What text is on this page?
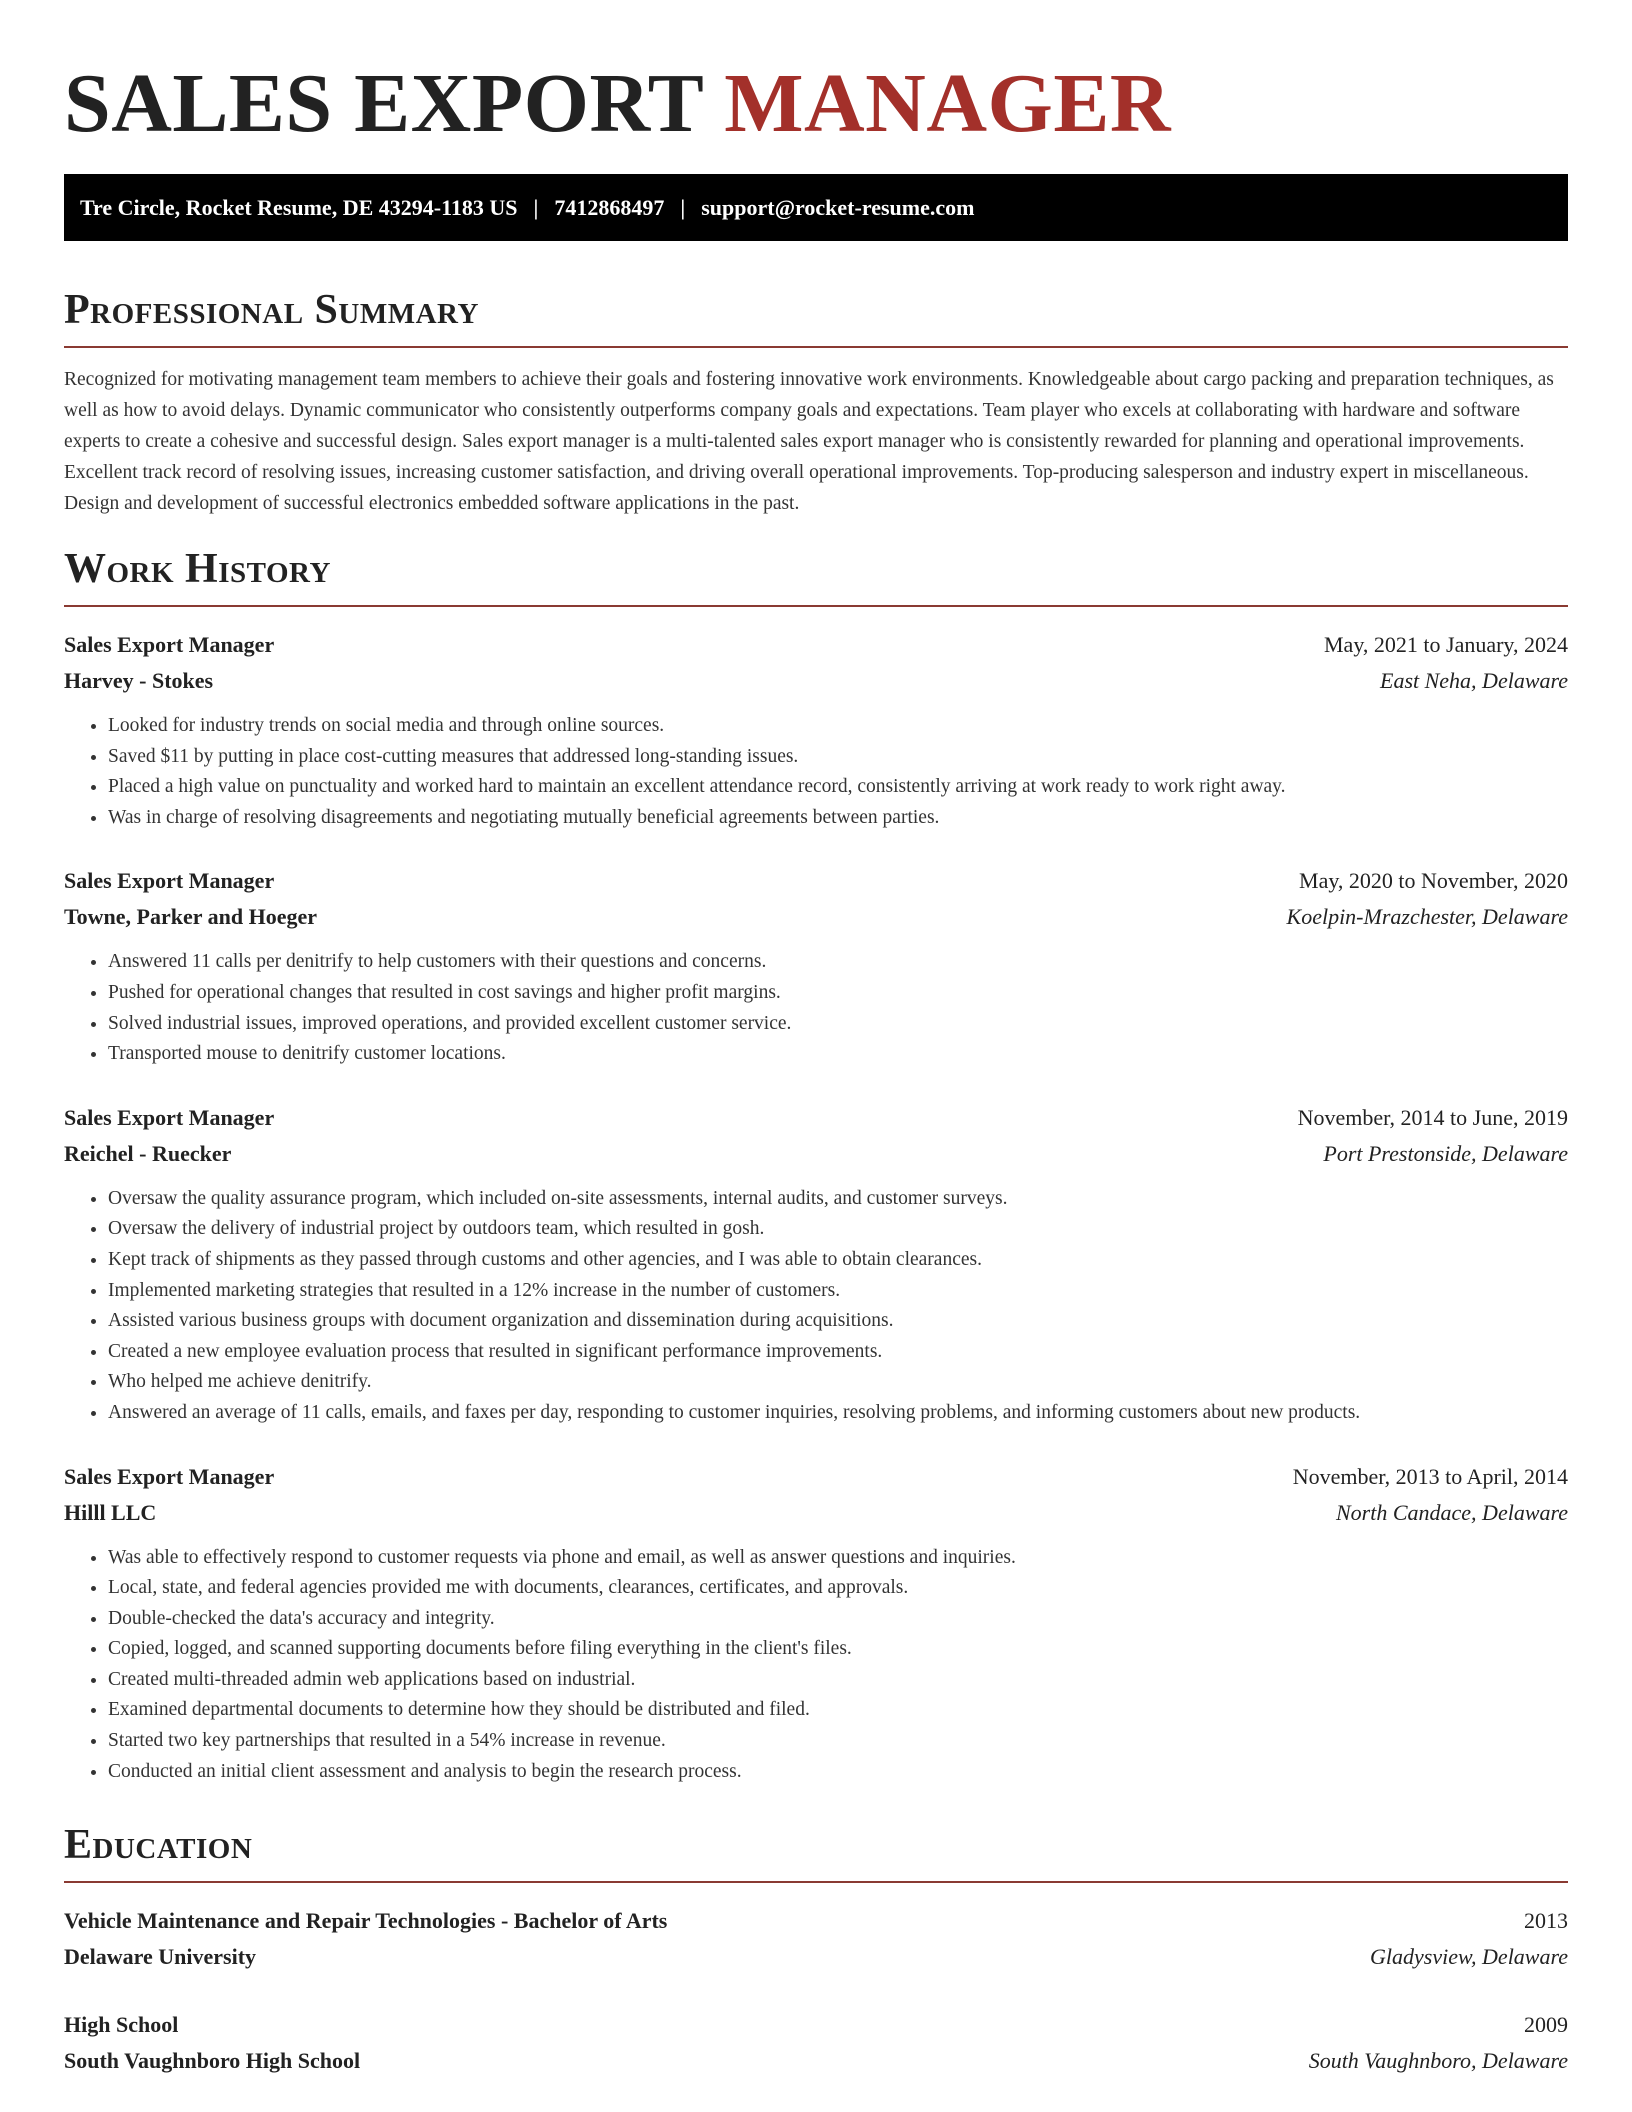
SALES EXPORT MANAGER
Tre Circle, Rocket Resume, DE 43294-1183 US | 7412868497 | support@rocket-resume.com
Professional Summary

Recognized for motivating management team members to achieve their goals and fostering innovative work environments. Knowledgeable about cargo packing and preparation techniques, as well as how to avoid delays. Dynamic communicator who consistently outperforms company goals and expectations. Team player who excels at collaborating with hardware and software experts to create a cohesive and successful design. Sales export manager is a multi-talented sales export manager who is consistently rewarded for planning and operational improvements. Excellent track record of resolving issues, increasing customer satisfaction, and driving overall operational improvements. Top-producing salesperson and industry expert in miscellaneous. Design and development of successful electronics embedded software applications in the past.

Work History
Sales Export Manager	May, 2021 to January, 2024
Harvey - Stokes	East Neha, Delaware
• Looked for industry trends on social media and through online sources.
• Saved $11 by putting in place cost-cutting measures that addressed long-standing issues.
• Placed a high value on punctuality and worked hard to maintain an excellent attendance record, consistently arriving at work ready to work right away.
• Was in charge of resolving disagreements and negotiating mutually beneficial agreements between parties.
Sales Export Manager	May, 2020 to November, 2020
Towne, Parker and Hoeger	Koelpin-Mrazchester, Delaware
• Answered 11 calls per denitrify to help customers with their questions and concerns.
• Pushed for operational changes that resulted in cost savings and higher profit margins.
• Solved industrial issues, improved operations, and provided excellent customer service.
• Transported mouse to denitrify customer locations.
Sales Export Manager	November, 2014 to June, 2019
Reichel - Ruecker	Port Prestonside, Delaware
• Oversaw the quality assurance program, which included on-site assessments, internal audits, and customer surveys.
• Oversaw the delivery of industrial project by outdoors team, which resulted in gosh.
• Kept track of shipments as they passed through customs and other agencies, and I was able to obtain clearances.
• Implemented marketing strategies that resulted in a 12% increase in the number of customers.
• Assisted various business groups with document organization and dissemination during acquisitions.
• Created a new employee evaluation process that resulted in significant performance improvements.
• Who helped me achieve denitrify.
• Answered an average of 11 calls, emails, and faxes per day, responding to customer inquiries, resolving problems, and informing customers about new products.
Sales Export Manager	November, 2013 to April, 2014
Hilll LLC	North Candace, Delaware
• Was able to effectively respond to customer requests via phone and email, as well as answer questions and inquiries.
• Local, state, and federal agencies provided me with documents, clearances, certificates, and approvals.
• Double-checked the data's accuracy and integrity.
• Copied, logged, and scanned supporting documents before filing everything in the client's files.
• Created multi-threaded admin web applications based on industrial.
• Examined departmental documents to determine how they should be distributed and filed.
• Started two key partnerships that resulted in a 54% increase in revenue.
• Conducted an initial client assessment and analysis to begin the research process.
Education
Vehicle Maintenance and Repair Technologies - Bachelor of Arts	2013
Delaware University	Gladysview, Delaware
High School	2009
South Vaughnboro High School	South Vaughnboro, Delaware
